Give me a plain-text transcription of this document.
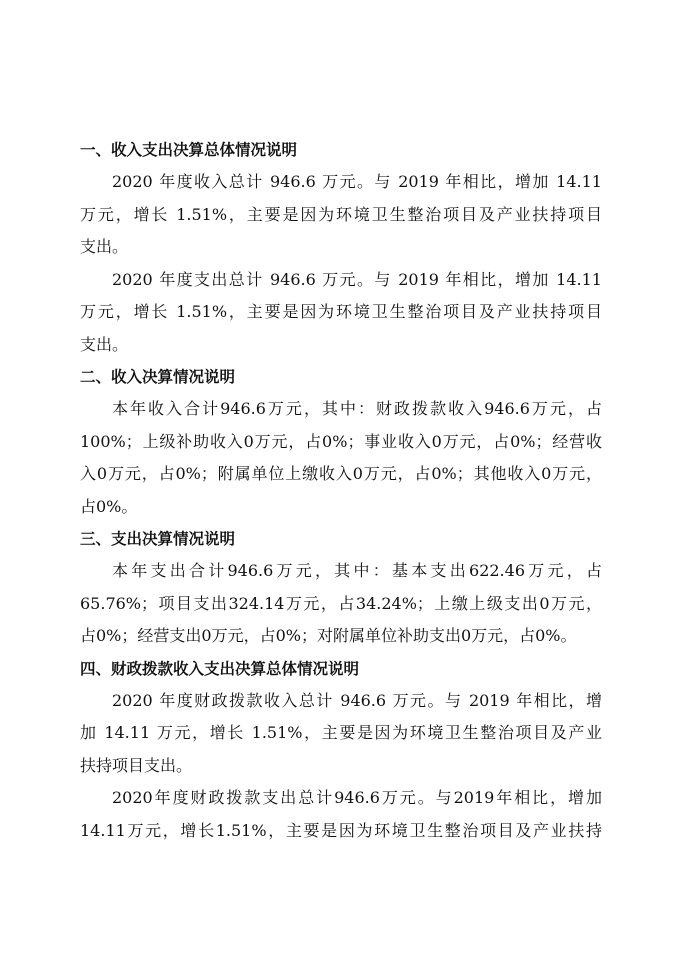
一、收入支出决算总体情况说明
2020 年度收入总计 946.6 万元。与 2019 年相比，增加 14.11
万元，增长 1.51%，主要是因为环境卫生整治项目及产业扶持项目
支出。
2020 年度支出总计 946.6 万元。与 2019 年相比，增加 14.11
万元，增长 1.51%，主要是因为环境卫生整治项目及产业扶持项目
支出。
二、收入决算情况说明
本年收入合计946.6万元，其中：财政拨款收入946.6万元，占
100%；上级补助收入0万元，占0%；事业收入0万元，占0%；经营收
入0万元，占0%；附属单位上缴收入0万元，占0%；其他收入0万元，
占0%。
三、支出决算情况说明
本年支出合计946.6万元，其中：基本支出622.46万元，占
65.76%；项目支出324.14万元，占34.24%；上缴上级支出0万元，
占0%；经营支出0万元，占0%；对附属单位补助支出0万元，占0%。
四、财政拨款收入支出决算总体情况说明
2020 年度财政拨款收入总计 946.6 万元。与 2019 年相比，增
加 14.11 万元，增长 1.51%，主要是因为环境卫生整治项目及产业
扶持项目支出。
2020年度财政拨款支出总计946.6万元。与2019年相比，增加
14.11万元，增长1.51%，主要是因为环境卫生整治项目及产业扶持
